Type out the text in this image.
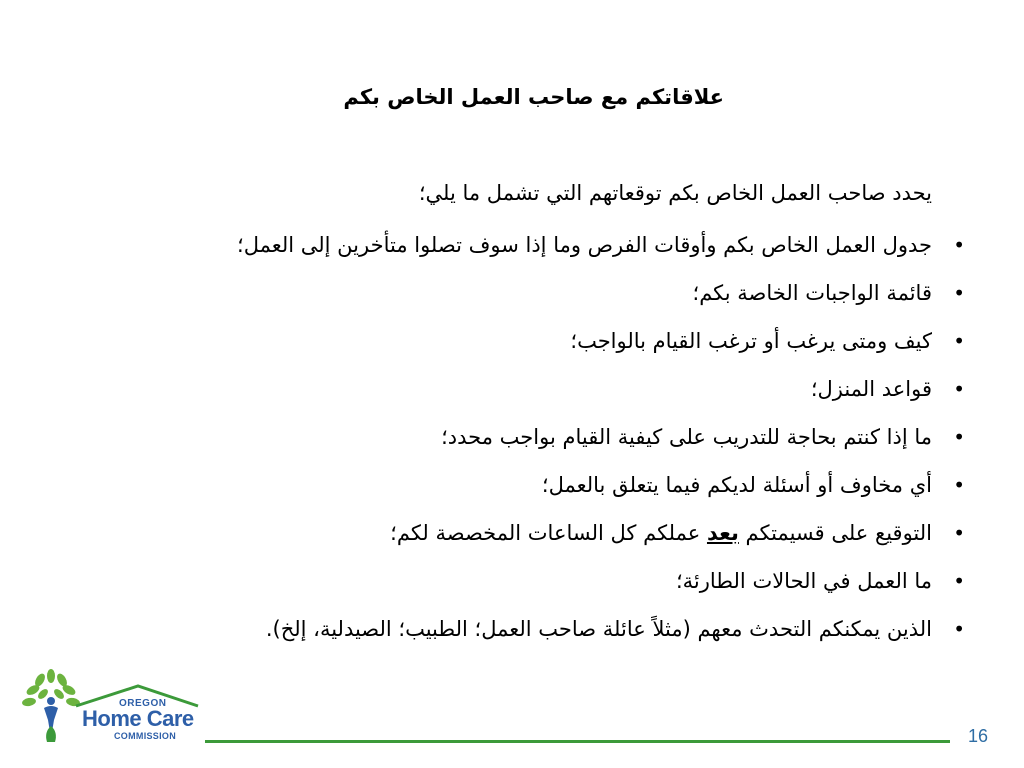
علاقاتكم مع صاحب العمل الخاص بكم
يحدد صاحب العمل الخاص بكم توقعاتهم التي تشمل ما يلي؛
•
جدول العمل الخاص بكم وأوقات الفرص وما إذا سوف تصلوا متأخرين إلى العمل؛
•
قائمة الواجبات الخاصة بكم؛
•
كيف ومتى يرغب أو ترغب القيام بالواجب؛
•
قواعد المنزل؛
•
ما إذا كنتم بحاجة للتدريب على كيفية القيام بواجب محدد؛
•
أي مخاوف أو أسئلة لديكم فيما يتعلق بالعمل؛
•
التوقيع على قسيمتكم بعد عملكم كل الساعات المخصصة لكم؛
•
ما العمل في الحالات الطارئة؛
•
الذين يمكنكم التحدث معهم (مثلاً عائلة صاحب العمل؛ الطبيب؛ الصيدلية، إلخ).
OREGON
Home Care
COMMISSION	16
